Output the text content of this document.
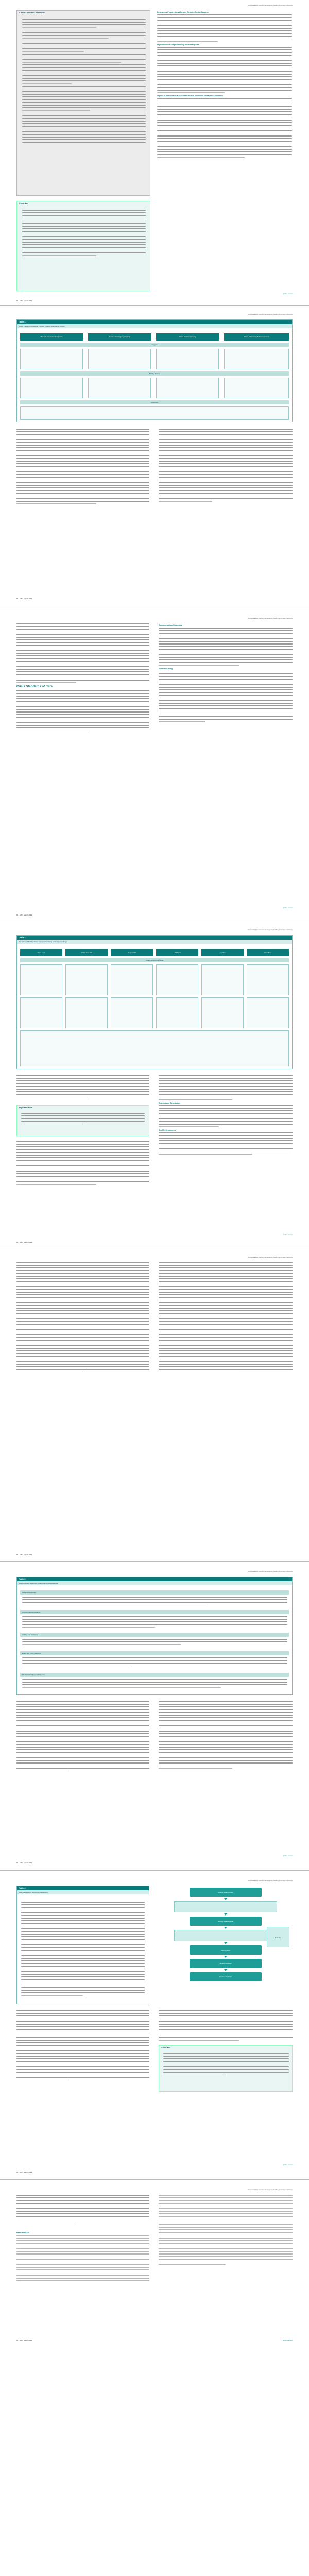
Nurse Leader's Guide to Emergency Staffing and Care Continuity
AJN in 5 Minutes: Takeaways
About You
Emergency Preparedness Begins Before a Crisis Happens
Implications of Surge Planning for Nursing Staff
Impact of Intervention-Based Staff Models on Patient Safety and Outcomes
Learn more ▸
96 · AJN · March 2023
Nurse Leader's Guide to Emergency Staffing and Care Continuity
Table 1.
Surge Planning Framework: Phases, Triggers, and Staffing Actions
Phase 1: Conventional Capacity	Phase 2: Contingency Capacity	Phase 3: Crisis Capacity	Phase 4: Recovery & Reassessment
Triggers
Staffing Actions
Outcomes
96 · AJN · March 2023
Nurse Leader's Guide to Emergency Staffing and Care Continuity
Crisis Standards of Care
Communication Strategies
Staff Well-Being
Learn more ▸
96 · AJN · March 2023
Nurse Leader's Guide to Emergency Staffing and Care Continuity
Table 2.
Team-Based Staffing Model Components During an Emergency Surge
Team Lead	Critical Care RN	Support RN	LPN/Tech	Ancillary	Float Pool
Patient Assignment Model
Important Note
Training and Orientation
Staff Redeployment
Learn more ▸
96 · AJN · March 2023
Nurse Leader's Guide to Emergency Staffing and Care Continuity
96 · AJN · March 2023
Nurse Leader's Guide to Emergency Staffing and Care Continuity
Table 3.
Recommended Resources for Emergency Preparedness
General Resources
Clinical Practice Guidance
Staffing and Workforce
Ethics and Crisis Standards
Mental Health Support for Nurses
Learn more ▸
96 · AJN · March 2023
Nurse Leader's Guide to Emergency Staffing and Care Continuity
Table 4.
Key Strategies for Workforce Sustainability	Assess staffing needs
Identify available staff
Deploy teams
Monitor workload
Adjust and debrief
Evaluate
About You
Learn more ▸
96 · AJN · March 2023
Nurse Leader's Guide to Emergency Staffing and Care Continuity
REFERENCES
96 · AJN · March 2023	ajnonline.com
